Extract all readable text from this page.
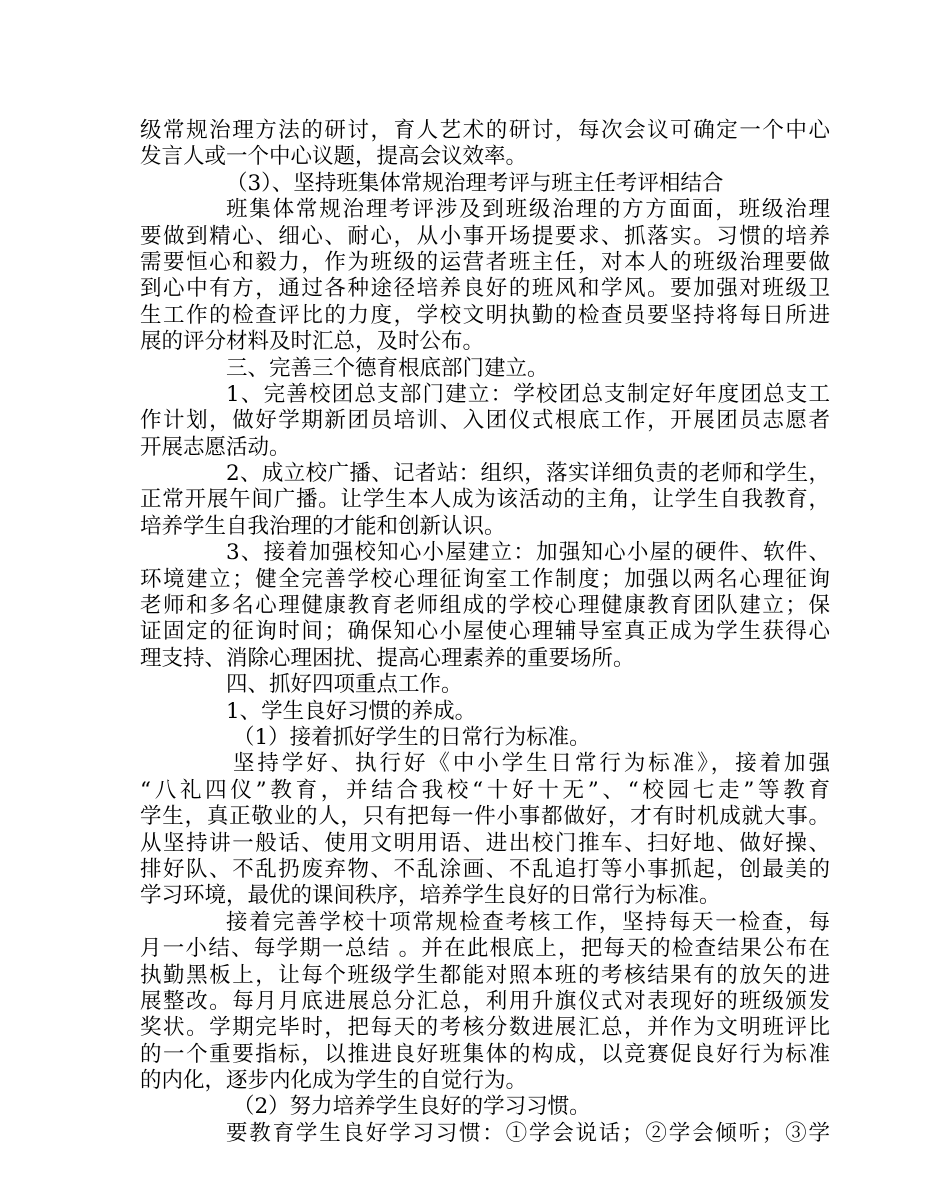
级常规治理方法的研讨，育人艺术的研讨，每次会议可确定一个中心
发言人或一个中心议题，提高会议效率。
（3）、坚持班集体常规治理考评与班主任考评相结合
班集体常规治理考评涉及到班级治理的方方面面，班级治理
要做到精心、细心、耐心，从小事开场提要求、抓落实。习惯的培养
需要恒心和毅力，作为班级的运营者班主任，对本人的班级治理要做
到心中有方，通过各种途径培养良好的班风和学风。要加强对班级卫
生工作的检查评比的力度，学校文明执勤的检查员要坚持将每日所进
展的评分材料及时汇总，及时公布。
三、完善三个德育根底部门建立。
1、完善校团总支部门建立：学校团总支制定好年度团总支工
作计划，做好学期新团员培训、入团仪式根底工作，开展团员志愿者
开展志愿活动。
2、成立校广播、记者站：组织，落实详细负责的老师和学生，
正常开展午间广播。让学生本人成为该活动的主角，让学生自我教育，
培养学生自我治理的才能和创新认识。
3、接着加强校知心小屋建立：加强知心小屋的硬件、软件、
环境建立；健全完善学校心理征询室工作制度；加强以两名心理征询
老师和多名心理健康教育老师组成的学校心理健康教育团队建立；保
证固定的征询时间；确保知心小屋使心理辅导室真正成为学生获得心
理支持、消除心理困扰、提高心理素养的重要场所。
四、抓好四项重点工作。
1、学生良好习惯的养成。
（1）接着抓好学生的日常行为标准。
坚持学好、执行好《中小学生日常行为标准》，接着加强
“八礼四仪”教育，并结合我校“十好十无”、“校园七走”等教育
学生，真正敬业的人，只有把每一件小事都做好，才有时机成就大事。
从坚持讲一般话、使用文明用语、进出校门推车、扫好地、做好操、
排好队、不乱扔废弃物、不乱涂画、不乱追打等小事抓起，创最美的
学习环境，最优的课间秩序，培养学生良好的日常行为标准。
接着完善学校十项常规检查考核工作，坚持每天一检查，每
月一小结、每学期一总结 。并在此根底上，把每天的检查结果公布在
执勤黑板上，让每个班级学生都能对照本班的考核结果有的放矢的进
展整改。每月月底进展总分汇总，利用升旗仪式对表现好的班级颁发
奖状。学期完毕时，把每天的考核分数进展汇总，并作为文明班评比
的一个重要指标，以推进良好班集体的构成，以竞赛促良好行为标准
的内化，逐步内化成为学生的自觉行为。
（2）努力培养学生良好的学习习惯。
要教育学生良好学习习惯：①学会说话；②学会倾听；③学
